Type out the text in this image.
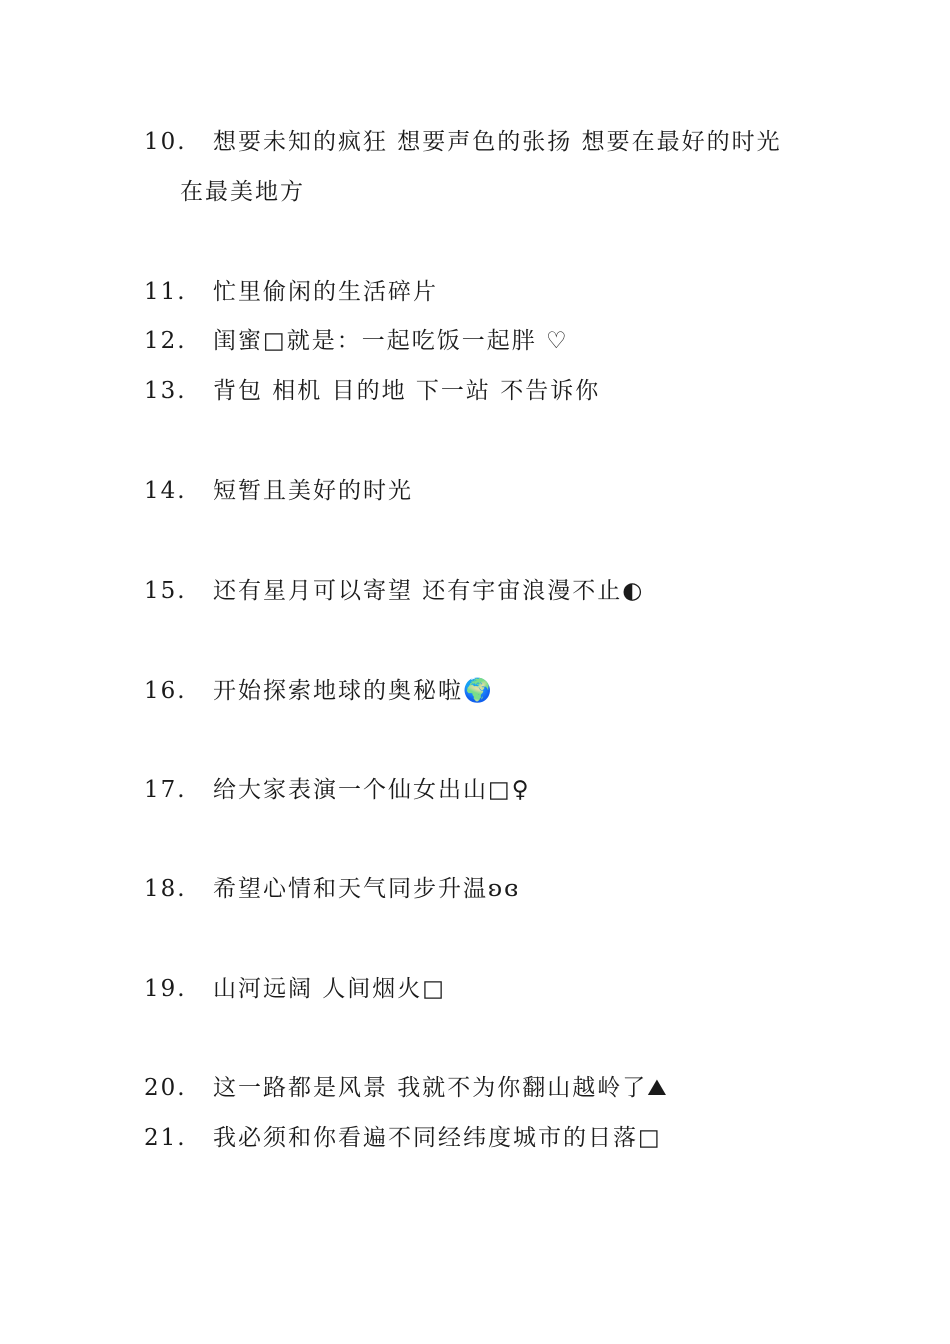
10. 想要未知的疯狂 想要声色的张扬 想要在最好的时光
在最美地方
11. 忙里偷闲的生活碎片
12. 闺蜜□就是：一起吃饭一起胖 ♡
13. 背包 相机 目的地 下一站 不告诉你
14. 短暂且美好的时光
15. 还有星月可以寄望 还有宇宙浪漫不止◐
16. 开始探索地球的奥秘啦🌍
17. 给大家表演一个仙女出山□♀
18. 希望心情和天气同步升温ʚɞ
19. 山河远阔 人间烟火□
20. 这一路都是风景 我就不为你翻山越岭了⛰
21. 我必须和你看遍不同经纬度城市的日落□
